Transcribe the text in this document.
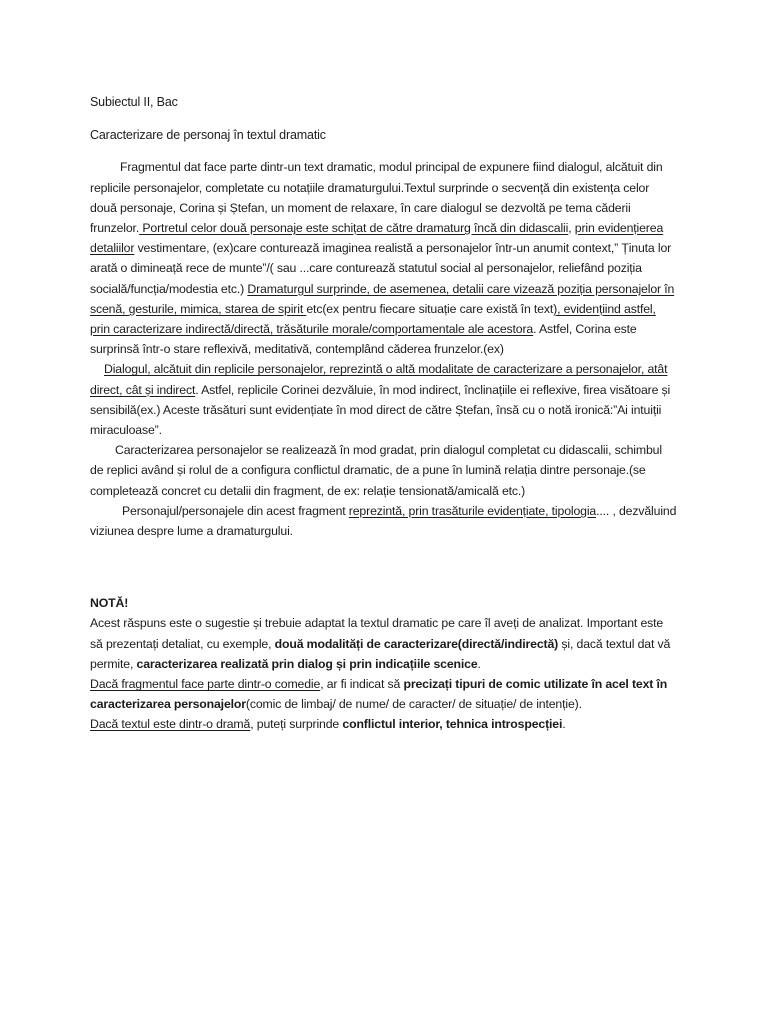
Subiectul II, Bac

Caracterizare de personaj în textul dramatic

Fragmentul dat face parte dintr-un text dramatic, modul principal de expunere fiind dialogul, alcătuit din replicile personajelor, completate cu notațiile dramaturgului.Textul surprinde o secvență din existența celor două personaje, Corina și Ștefan, un moment de relaxare, în care dialogul se dezvoltă pe tema căderii frunzelor. Portretul celor două personaje este schițat de către dramaturg încă din didascalii, prin evidențierea detaliilor vestimentare, (ex)care conturează imaginea realistă a personajelor într-un anumit context,” Ținuta lor arată o dimineață rece de munte”/( sau ...care conturează statutul social al personajelor, reliefând poziția socială/funcția/modestia etc.) Dramaturgul surprinde, de asemenea, detalii care vizează poziția personajelor în scenă, gesturile, mimica, starea de spirit etc(ex pentru fiecare situație care există în text), evidențiind astfel, prin caracterizare indirectă/directă, trăsăturile morale/comportamentale ale acestora. Astfel, Corina este surprinsă într-o stare reflexivă, meditativă, contemplând căderea frunzelor.(ex)

Dialogul, alcătuit din replicile personajelor, reprezintă o altă modalitate de caracterizare a personajelor, atât direct, cât și indirect. Astfel, replicile Corinei dezvăluie, în mod indirect, înclinațiile ei reflexive, firea visătoare și sensibilă(ex.) Aceste trăsături sunt evidențiate în mod direct de către Ștefan, însă cu o notă ironică:”Ai intuiții miraculoase”.

Caracterizarea personajelor se realizează în mod gradat, prin dialogul completat cu didascalii, schimbul de replici având și rolul de a configura conflictul dramatic, de a pune în lumină relația dintre personaje.(se completează concret cu detalii din fragment, de ex: relație tensionată/amicală etc.)

Personajul/personajele din acest fragment reprezintă, prin trasăturile evidențiate, tipologia.... , dezvăluind viziunea despre lume a dramaturgului.

NOTĂ!

Acest răspuns este o sugestie și trebuie adaptat la textul dramatic pe care îl aveți de analizat. Important este să prezentați detaliat, cu exemple, două modalități de caracterizare(directă/indirectă) și, dacă textul dat vă permite, caracterizarea realizată prin dialog și prin indicațiile scenice.

Dacă fragmentul face parte dintr-o comedie, ar fi indicat să precizați tipuri de comic utilizate în acel text în caracterizarea personajelor(comic de limbaj/ de nume/ de caracter/ de situație/ de intenție).

Dacă textul este dintr-o dramă, puteți surprinde conflictul interior, tehnica introspecției.
